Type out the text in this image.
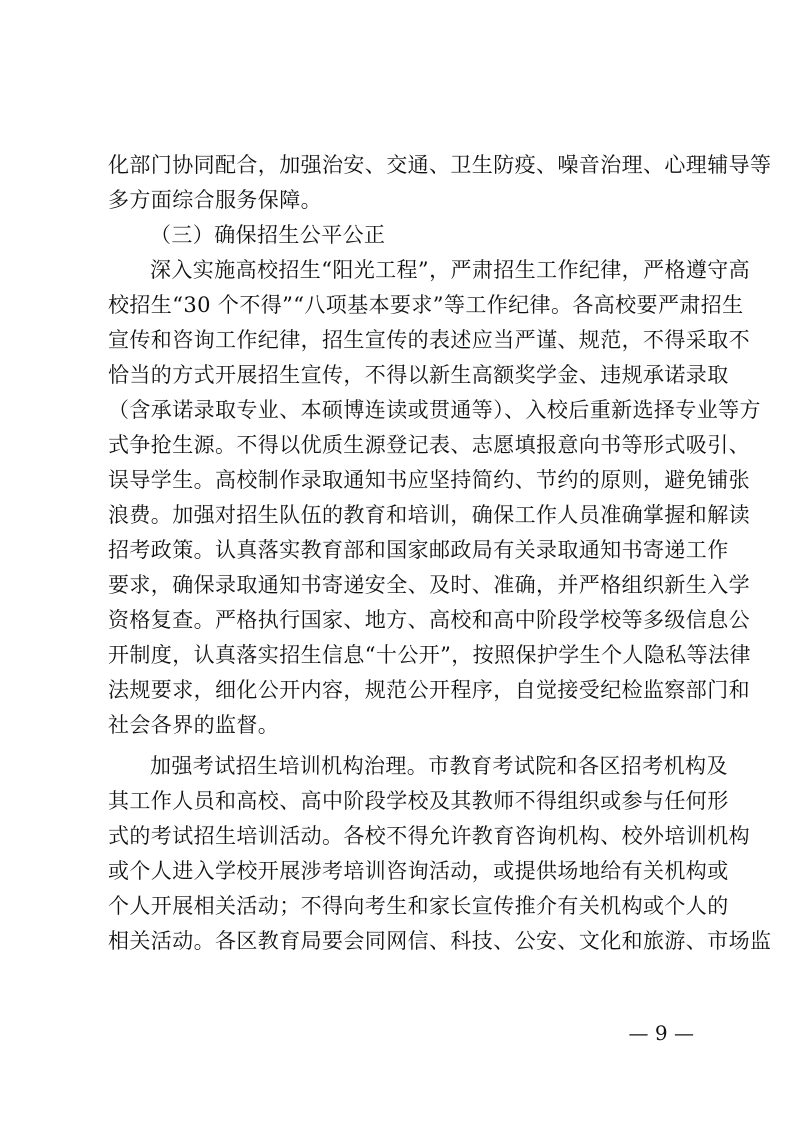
化部门协同配合，加强治安、交通、卫生防疫、噪音治理、心理辅导等
多方面综合服务保障。
（三）确保招生公平公正
深入实施高校招生“阳光工程”，严肃招生工作纪律，严格遵守高
校招生“30 个不得”“八项基本要求”等工作纪律。各高校要严肃招生
宣传和咨询工作纪律，招生宣传的表述应当严谨、规范，不得采取不
恰当的方式开展招生宣传，不得以新生高额奖学金、违规承诺录取
（含承诺录取专业、本硕博连读或贯通等）、入校后重新选择专业等方
式争抢生源。不得以优质生源登记表、志愿填报意向书等形式吸引、
误导学生。高校制作录取通知书应坚持简约、节约的原则，避免铺张
浪费。加强对招生队伍的教育和培训，确保工作人员准确掌握和解读
招考政策。认真落实教育部和国家邮政局有关录取通知书寄递工作
要求，确保录取通知书寄递安全、及时、准确，并严格组织新生入学
资格复查。严格执行国家、地方、高校和高中阶段学校等多级信息公
开制度，认真落实招生信息“十公开”，按照保护学生个人隐私等法律
法规要求，细化公开内容，规范公开程序，自觉接受纪检监察部门和
社会各界的监督。
加强考试招生培训机构治理。市教育考试院和各区招考机构及
其工作人员和高校、高中阶段学校及其教师不得组织或参与任何形
式的考试招生培训活动。各校不得允许教育咨询机构、校外培训机构
或个人进入学校开展涉考培训咨询活动，或提供场地给有关机构或
个人开展相关活动；不得向考生和家长宣传推介有关机构或个人的
相关活动。各区教育局要会同网信、科技、公安、文化和旅游、市场监
— 9 —
